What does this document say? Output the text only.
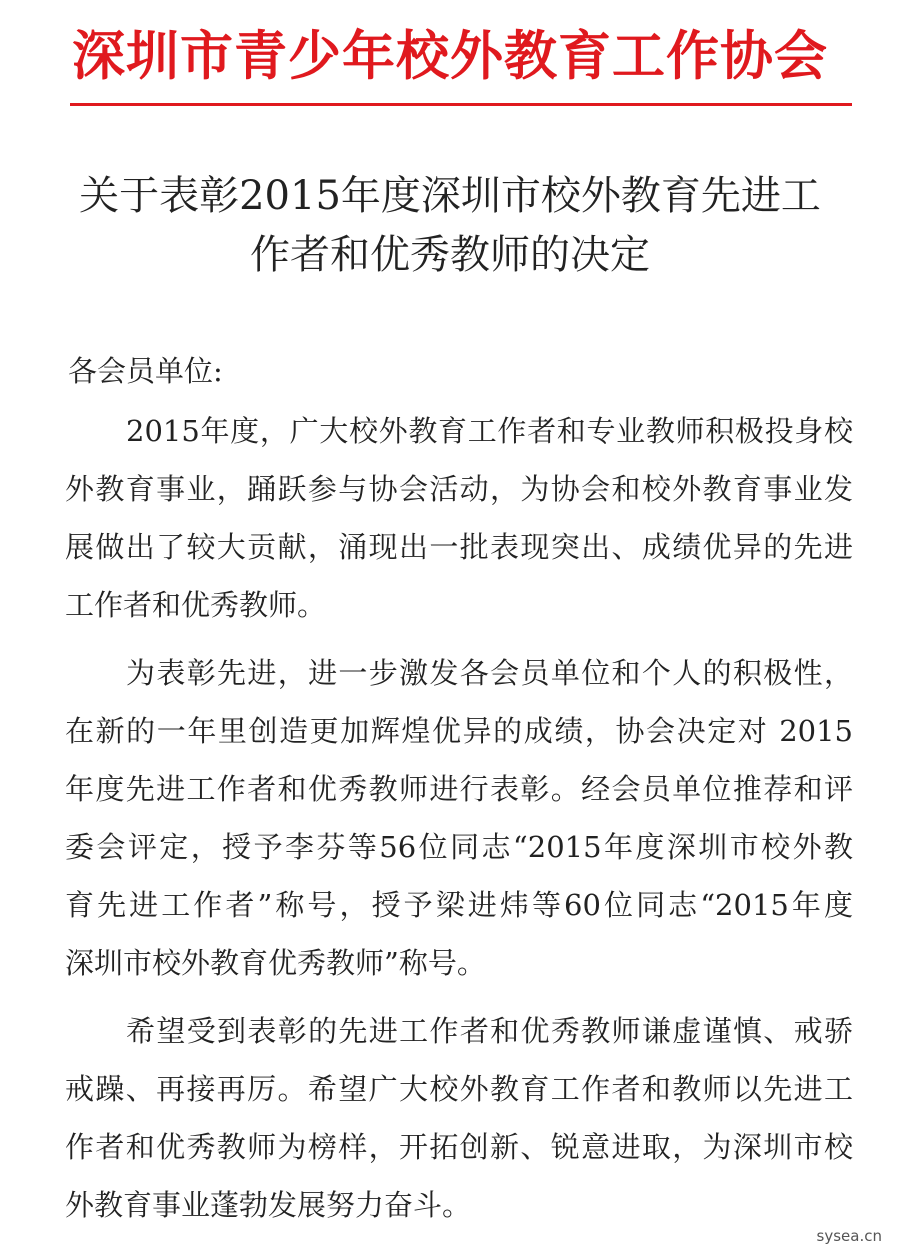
深圳市青少年校外教育工作协会
关于表彰2015年度深圳市校外教育先进工
作者和优秀教师的决定
各会员单位:
2015年度，广大校外教育工作者和专业教师积极投身校
外教育事业，踊跃参与协会活动，为协会和校外教育事业发
展做出了较大贡献，涌现出一批表现突出、成绩优异的先进
工作者和优秀教师。
为表彰先进，进一步激发各会员单位和个人的积极性，
在新的一年里创造更加辉煌优异的成绩，协会决定对 2015
年度先进工作者和优秀教师进行表彰。经会员单位推荐和评
委会评定，授予李芬等56位同志“2015年度深圳市校外教
育先进工作者”称号，授予梁进炜等60位同志“2015年度
深圳市校外教育优秀教师”称号。
希望受到表彰的先进工作者和优秀教师谦虚谨慎、戒骄
戒躁、再接再厉。希望广大校外教育工作者和教师以先进工
作者和优秀教师为榜样，开拓创新、锐意进取，为深圳市校
外教育事业蓬勃发展努力奋斗。
sysea.cn
